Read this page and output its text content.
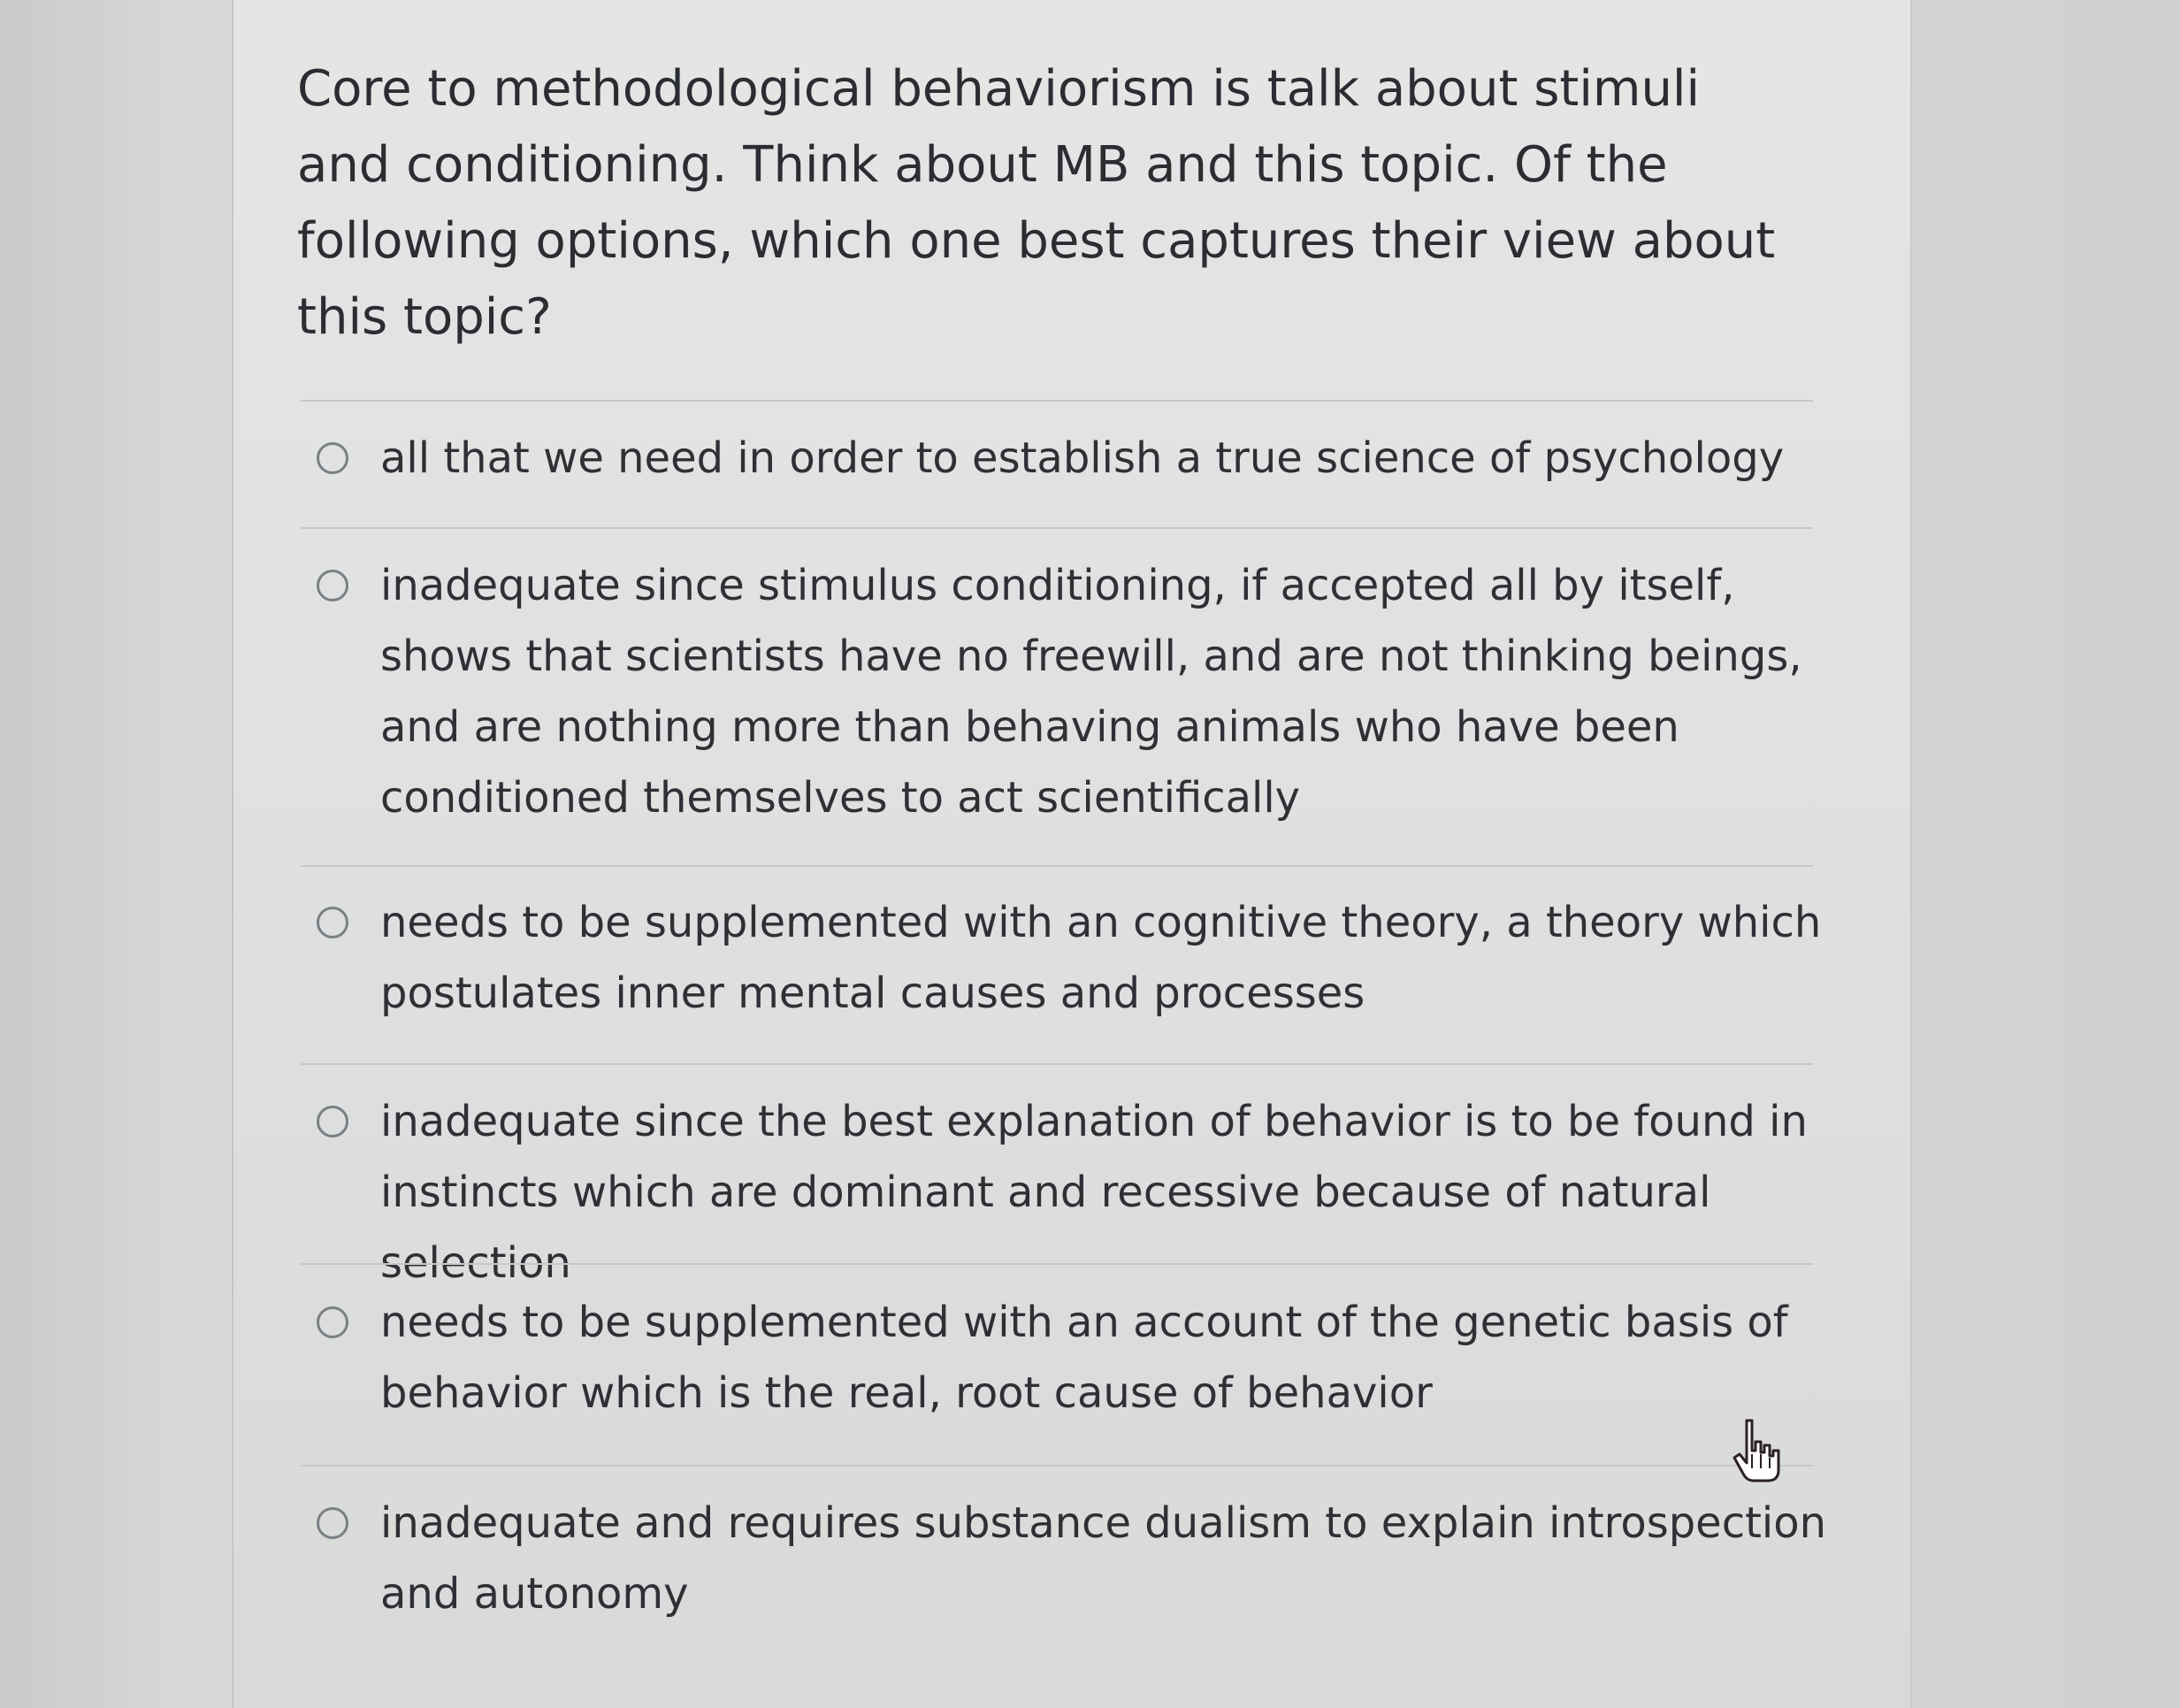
Core to methodological behaviorism is talk about stimuli and conditioning. Think about MB and this topic. Of the following options, which one best captures their view about this topic?

all that we need in order to establish a true science of psychology
inadequate since stimulus conditioning, if accepted all by itself, shows that scientists have no freewill, and are not thinking beings, and are nothing more than behaving animals who have been conditioned themselves to act scientifically
needs to be supplemented with an cognitive theory, a theory which postulates inner mental causes and processes
inadequate since the best explanation of behavior is to be found in instincts which are dominant and recessive because of natural selection
needs to be supplemented with an account of the genetic basis of behavior which is the real, root cause of behavior
inadequate and requires substance dualism to explain introspection and autonomy
